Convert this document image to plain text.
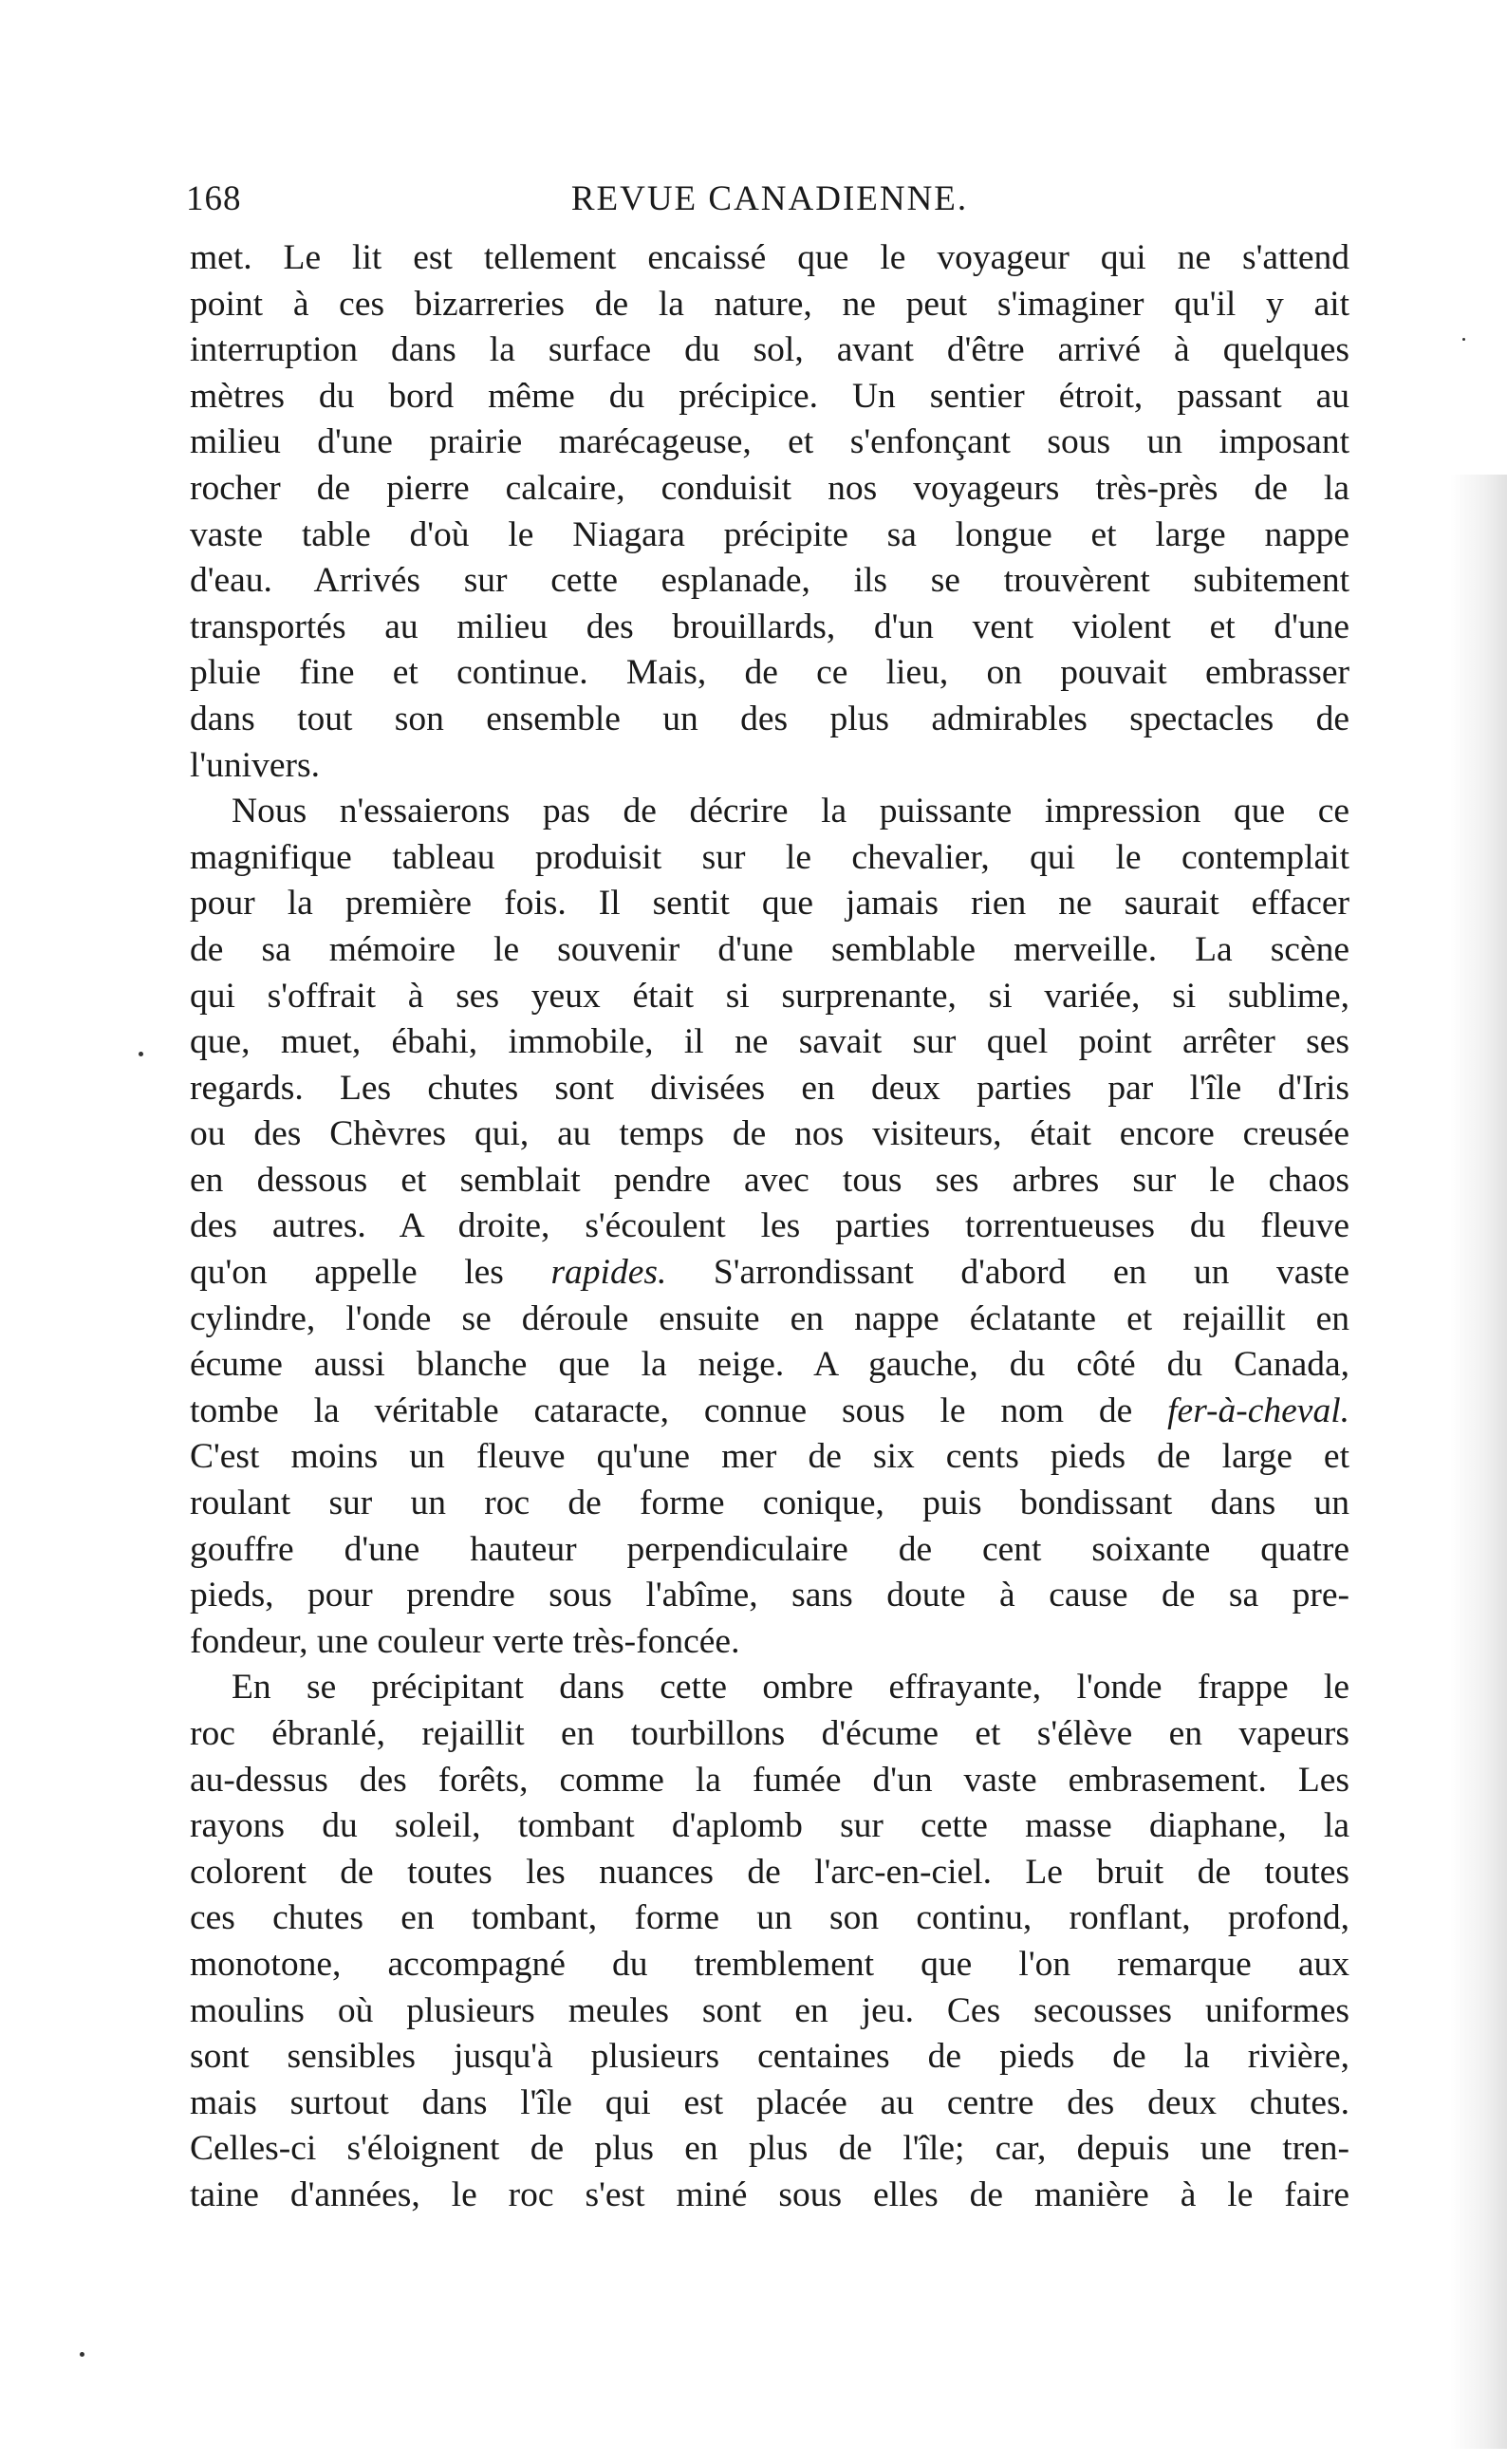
168	REVUE CANADIENNE.

met. Le lit est tellement encaissé que le voyageur qui ne s'attend
point à ces bizarreries de la nature, ne peut s'imaginer qu'il y ait
interruption dans la surface du sol, avant d'être arrivé à quelques
mètres du bord même du précipice. Un sentier étroit, passant au
milieu d'une prairie marécageuse, et s'enfonçant sous un imposant
rocher de pierre calcaire, conduisit nos voyageurs très-près de la
vaste table d'où le Niagara précipite sa longue et large nappe
d'eau. Arrivés sur cette esplanade, ils se trouvèrent subitement
transportés au milieu des brouillards, d'un vent violent et d'une
pluie fine et continue. Mais, de ce lieu, on pouvait embrasser
dans tout son ensemble un des plus admirables spectacles de
l'univers.

Nous n'essaierons pas de décrire la puissante impression que ce
magnifique tableau produisit sur le chevalier, qui le contemplait
pour la première fois. Il sentit que jamais rien ne saurait effacer
de sa mémoire le souvenir d'une semblable merveille. La scène
qui s'offrait à ses yeux était si surprenante, si variée, si sublime,
que, muet, ébahi, immobile, il ne savait sur quel point arrêter ses
regards. Les chutes sont divisées en deux parties par l'île d'Iris
ou des Chèvres qui, au temps de nos visiteurs, était encore creusée
en dessous et semblait pendre avec tous ses arbres sur le chaos
des autres. A droite, s'écoulent les parties torrentueuses du fleuve
qu'on appelle les rapides. S'arrondissant d'abord en un vaste
cylindre, l'onde se déroule ensuite en nappe éclatante et rejaillit en
écume aussi blanche que la neige. A gauche, du côté du Canada,
tombe la véritable cataracte, connue sous le nom de fer-à-cheval.
C'est moins un fleuve qu'une mer de six cents pieds de large et
roulant sur un roc de forme conique, puis bondissant dans un
gouffre d'une hauteur perpendiculaire de cent soixante quatre
pieds, pour prendre sous l'abîme, sans doute à cause de sa pre-
fondeur, une couleur verte très-foncée.

En se précipitant dans cette ombre effrayante, l'onde frappe le
roc ébranlé, rejaillit en tourbillons d'écume et s'élève en vapeurs
au-dessus des forêts, comme la fumée d'un vaste embrasement. Les
rayons du soleil, tombant d'aplomb sur cette masse diaphane, la
colorent de toutes les nuances de l'arc-en-ciel. Le bruit de toutes
ces chutes en tombant, forme un son continu, ronflant, profond,
monotone, accompagné du tremblement que l'on remarque aux
moulins où plusieurs meules sont en jeu. Ces secousses uniformes
sont sensibles jusqu'à plusieurs centaines de pieds de la rivière,
mais surtout dans l'île qui est placée au centre des deux chutes.
Celles-ci s'éloignent de plus en plus de l'île; car, depuis une tren-
taine d'années, le roc s'est miné sous elles de manière à le faire
